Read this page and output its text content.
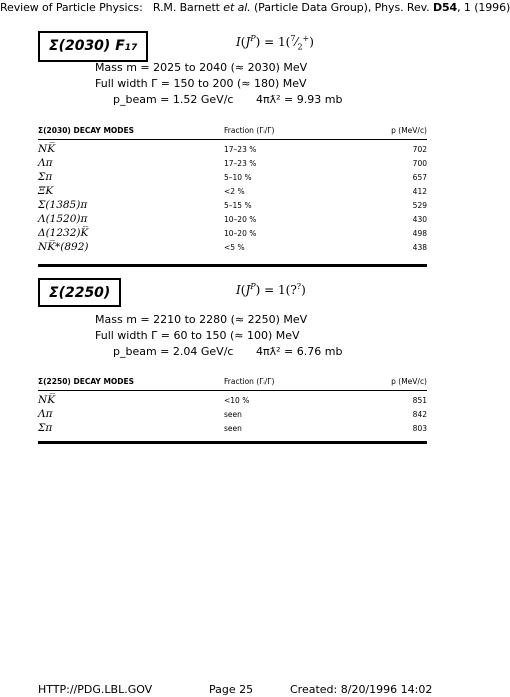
Review of Particle Physics: R.M. Barnett et al. (Particle Data Group), Phys. Rev. D54, 1 (1996)
Σ(2030) F17	$I(J^P)$ = $1(^7⁄_2^+)$
Mass m = 2025 to 2040 (≈ 2030) MeV
Full width Γ = 150 to 200 (≈ 180) MeV
p_beam = 1.52 GeV/c 4πƛ² = 9.93 mb
Σ(2030) DECAY MODES	Fraction (Γᵢ/Γ)	p (MeV/c)
NK̅	17–23 %	702
Λπ	17–23 %	700
Σπ	5–10 %	657
ΞK	<2 %	412
Σ(1385)π	5–15 %	529
Λ(1520)π	10–20 %	430
Δ(1232)K̅	10–20 %	498
NK̅*(892)	<5 %	438
Σ(2250)	$I(J^P)$ = 1(??)
Mass m = 2210 to 2280 (≈ 2250) MeV
Full width Γ = 60 to 150 (≈ 100) MeV
p_beam = 2.04 GeV/c 4πƛ² = 6.76 mb
Σ(2250) DECAY MODES	Fraction (Γᵢ/Γ)	p (MeV/c)
NK̅	<10 %	851
Λπ	seen	842
Σπ	seen	803
HTTP://PDG.LBL.GOV	Page 25	Created: 8/20/1996 14:02
